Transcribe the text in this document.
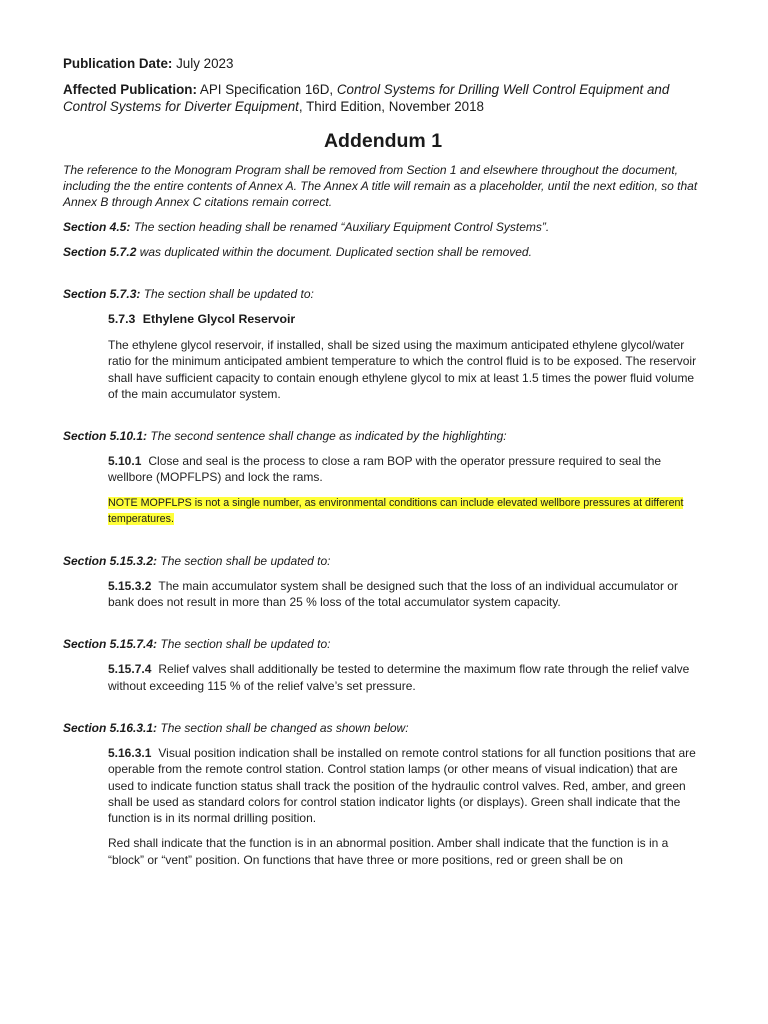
Publication Date: July 2023

Affected Publication: API Specification 16D, Control Systems for Drilling Well Control Equipment and Control Systems for Diverter Equipment, Third Edition, November 2018

Addendum 1

The reference to the Monogram Program shall be removed from Section 1 and elsewhere throughout the document, including the the entire contents of Annex A. The Annex A title will remain as a placeholder, until the next edition, so that Annex B through Annex C citations remain correct.

Section 4.5: The section heading shall be renamed “Auxiliary Equipment Control Systems”.

Section 5.7.2 was duplicated within the document. Duplicated section shall be removed.

Section 5.7.3: The section shall be updated to:

5.7.3 Ethylene Glycol Reservoir

The ethylene glycol reservoir, if installed, shall be sized using the maximum anticipated ethylene glycol/water ratio for the minimum anticipated ambient temperature to which the control fluid is to be exposed. The reservoir shall have sufficient capacity to contain enough ethylene glycol to mix at least 1.5 times the power fluid volume of the main accumulator system.

Section 5.10.1: The second sentence shall change as indicated by the highlighting:

5.10.1 Close and seal is the process to close a ram BOP with the operator pressure required to seal the wellbore (MOPFLPS) and lock the rams.

NOTE MOPFLPS is not a single number, as environmental conditions can include elevated wellbore pressures at different temperatures.

Section 5.15.3.2: The section shall be updated to:

5.15.3.2 The main accumulator system shall be designed such that the loss of an individual accumulator or bank does not result in more than 25 % loss of the total accumulator system capacity.

Section 5.15.7.4: The section shall be updated to:

5.15.7.4 Relief valves shall additionally be tested to determine the maximum flow rate through the relief valve without exceeding 115 % of the relief valve’s set pressure.

Section 5.16.3.1: The section shall be changed as shown below:

5.16.3.1 Visual position indication shall be installed on remote control stations for all function positions that are operable from the remote control station. Control station lamps (or other means of visual indication) that are used to indicate function status shall track the position of the hydraulic control valves. Red, amber, and green shall be used as standard colors for control station indicator lights (or displays). Green shall indicate that the function is in its normal drilling position.

Red shall indicate that the function is in an abnormal position. Amber shall indicate that the function is in a “block” or “vent” position. On functions that have three or more positions, red or green shall be on
